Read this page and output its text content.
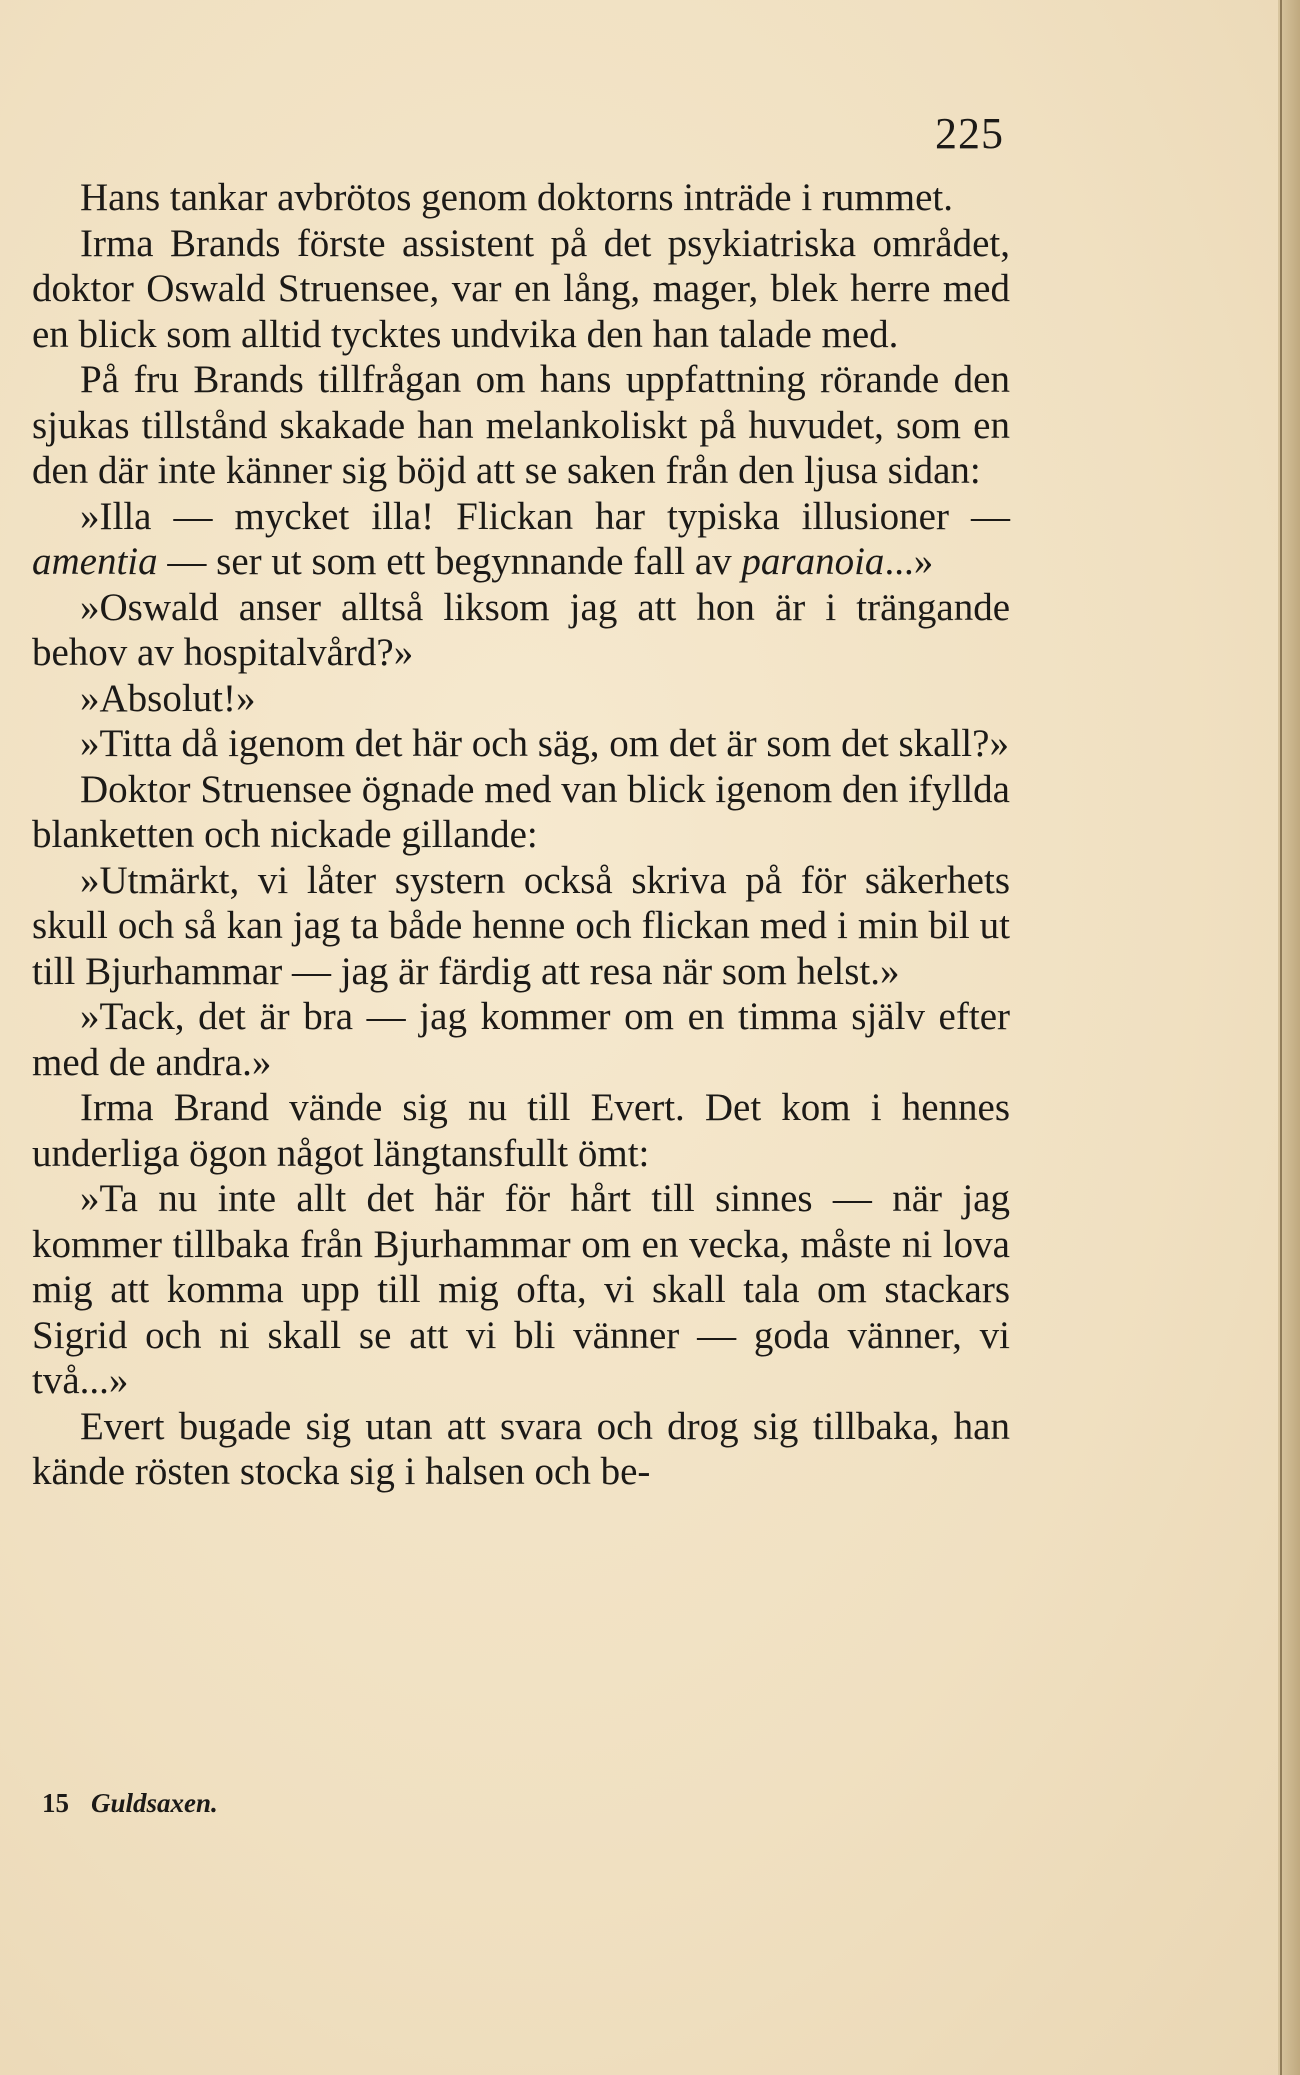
225

Hans tankar avbrötos genom doktorns inträde i rummet.

Irma Brands förste assistent på det psykiatriska området, doktor Oswald Struensee, var en lång, mager, blek herre med en blick som alltid tycktes undvika den han talade med.

På fru Brands tillfrågan om hans uppfattning rörande den sjukas tillstånd skakade han melankoliskt på huvudet, som en den där inte känner sig böjd att se saken från den ljusa sidan:

»Illa — mycket illa! Flickan har typiska illusioner — amentia — ser ut som ett begynnande fall av paranoia...»

»Oswald anser alltså liksom jag att hon är i trängande behov av hospitalvård?»

»Absolut!»

»Titta då igenom det här och säg, om det är som det skall?»

Doktor Struensee ögnade med van blick igenom den ifyllda blanketten och nickade gillande:

»Utmärkt, vi låter systern också skriva på för säkerhets skull och så kan jag ta både henne och flickan med i min bil ut till Bjurhammar — jag är färdig att resa när som helst.»

»Tack, det är bra — jag kommer om en timma själv efter med de andra.»

Irma Brand vände sig nu till Evert. Det kom i hennes underliga ögon något längtansfullt ömt:

»Ta nu inte allt det här för hårt till sinnes — när jag kommer tillbaka från Bjurhammar om en vecka, måste ni lova mig att komma upp till mig ofta, vi skall tala om stackars Sigrid och ni skall se att vi bli vänner — goda vänner, vi två...»

Evert bugade sig utan att svara och drog sig tillbaka, han kände rösten stocka sig i halsen och be-

15 Guldsaxen.
